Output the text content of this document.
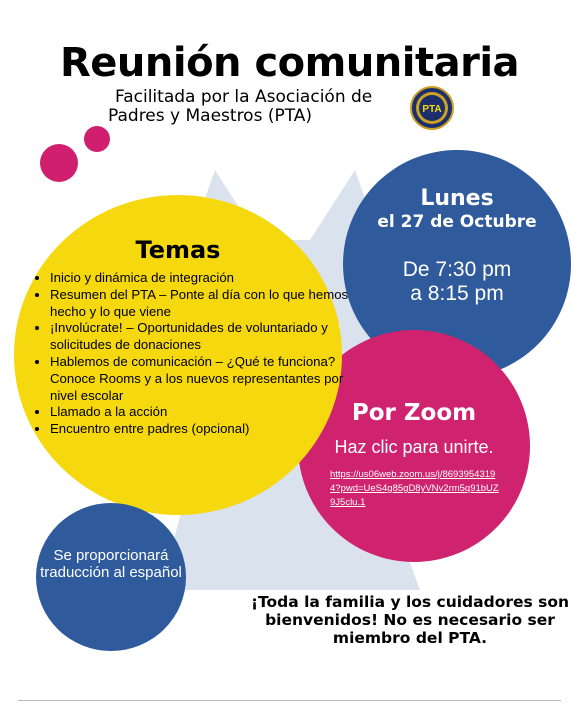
Reunión comunitaria
Facilitada por la Asociación de
Padres y Maestros (PTA)	PTA
Lunes
el 27 de Octubre
De 7:30 pm
a 8:15 pm
Por Zoom
Haz clic para unirte.
https://us06web.zoom.us/j/86939543194?pwd=UeS4g85gD8yVNv2rm5q91bUZ9J5clu.1
Temas
• Inicio y dinámica de integración
• Resumen del PTA – Ponte al día con lo que hemos hecho y lo que viene
• ¡Involúcrate! – Oportunidades de voluntariado y solicitudes de donaciones
• Hablemos de comunicación – ¿Qué te funciona? Conoce Rooms y a los nuevos representantes por nivel escolar
• Llamado a la acción
• Encuentro entre padres (opcional)
Se proporcionará traducción al español
¡Toda la familia y los cuidadores son bienvenidos! No es necesario ser miembro del PTA.
